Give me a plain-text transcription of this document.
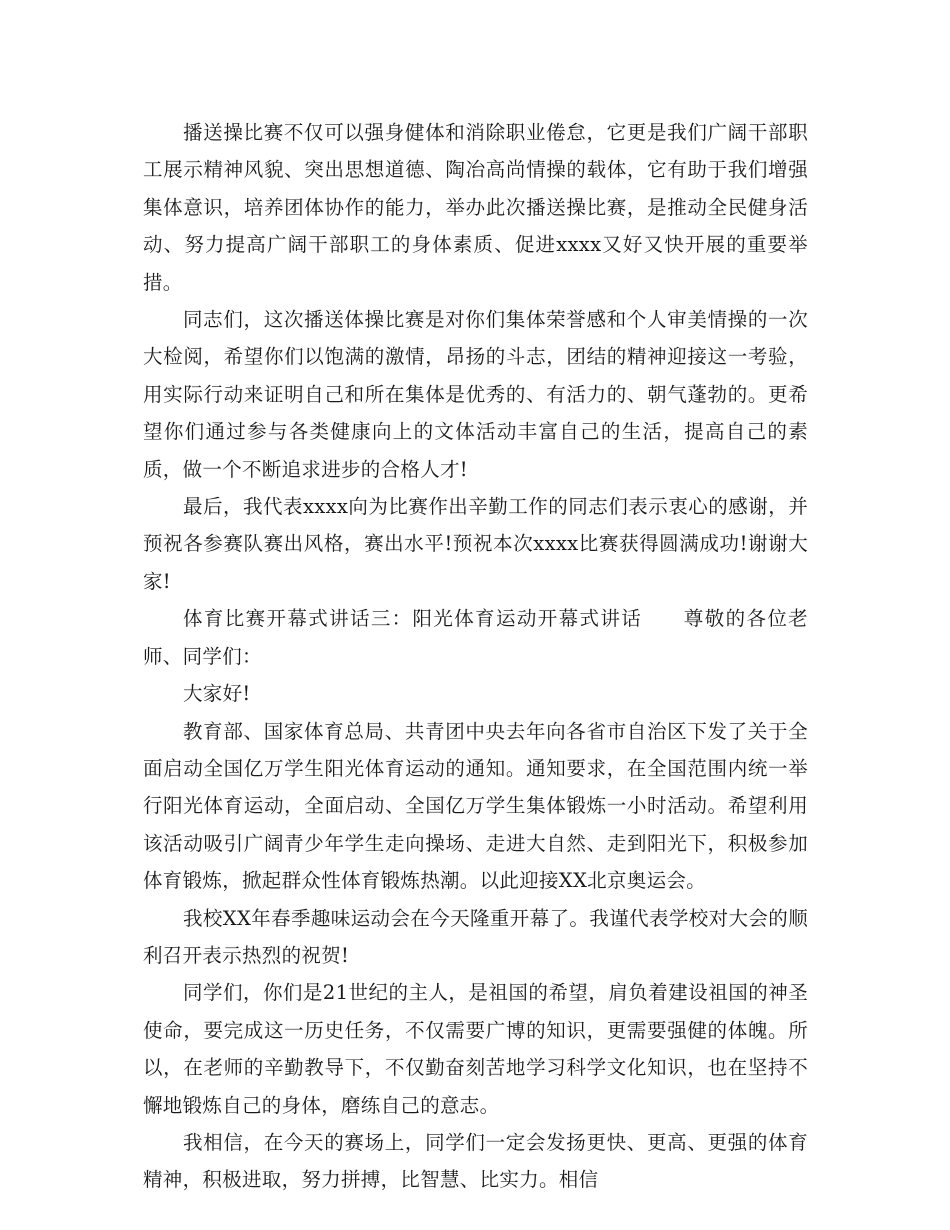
播送操比赛不仅可以强身健体和消除职业倦怠，它更是我们广阔干部职工展示精神风貌、突出思想道德、陶冶高尚情操的载体，它有助于我们增强集体意识，培养团体协作的能力，举办此次播送操比赛，是推动全民健身活动、努力提高广阔干部职工的身体素质、促进xxxx又好又快开展的重要举措。

同志们，这次播送体操比赛是对你们集体荣誉感和个人审美情操的一次大检阅，希望你们以饱满的激情，昂扬的斗志，团结的精神迎接这一考验，用实际行动来证明自己和所在集体是优秀的、有活力的、朝气蓬勃的。更希望你们通过参与各类健康向上的文体活动丰富自己的生活，提高自己的素质，做一个不断追求进步的合格人才!

最后，我代表xxxx向为比赛作出辛勤工作的同志们表示衷心的感谢，并预祝各参赛队赛出风格，赛出水平!预祝本次xxxx比赛获得圆满成功!谢谢大家!

体育比赛开幕式讲话三：阳光体育运动开幕式讲话　　尊敬的各位老师、同学们：

大家好!

教育部、国家体育总局、共青团中央去年向各省市自治区下发了关于全面启动全国亿万学生阳光体育运动的通知。通知要求，在全国范围内统一举行阳光体育运动，全面启动、全国亿万学生集体锻炼一小时活动。希望利用该活动吸引广阔青少年学生走向操场、走进大自然、走到阳光下，积极参加体育锻炼，掀起群众性体育锻炼热潮。以此迎接XX北京奥运会。

我校XX年春季趣味运动会在今天隆重开幕了。我谨代表学校对大会的顺利召开表示热烈的祝贺!

同学们，你们是21世纪的主人，是祖国的希望，肩负着建设祖国的神圣使命，要完成这一历史任务，不仅需要广博的知识，更需要强健的体魄。所以，在老师的辛勤教导下，不仅勤奋刻苦地学习科学文化知识，也在坚持不懈地锻炼自己的身体，磨练自己的意志。

我相信，在今天的赛场上，同学们一定会发扬更快、更高、更强的体育精神，积极进取，努力拼搏，比智慧、比实力。相信
